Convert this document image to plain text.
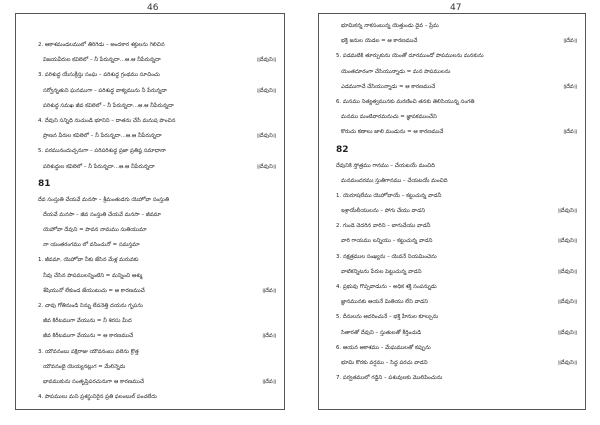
46
2. ఆకాశమండలములో తిరిగెడు – అందకార శక్తులను గెలిచిన
విజయవీరుల కవిలెలో – నీ పేరున్నదా…ఆ.ఆ నీపేరున్నదా	॥దేవుని॥
3. పరిశుద్ధ యేసుక్రీస్తు సంఘ – పరిశుద్ధ గ్రంథము సూచించు
సర్వోన్నతుని ఘనముగా – పరిశుద్ధ వాక్యమును నీ పేరున్నదా	॥దేవుని॥
పరిశుద్ధ సమఖ జీవ కవిలెలో – నీ పేరున్నదా…ఆ.ఆ నీపేరున్నదా
4. దేవుని సన్నిధి నుచుండి భూనిని – దాతను చేసే మనుష పొంచిన
ప్రాణన వీరుల కవిలెలో – నీ పేరున్నదా…ఆ.ఆ నీపేరున్నదా	॥దేవుని॥
5. పరమునందుచ్చనుగా – పరిపరిశుద్ధ ప్రజా ప్రతిష్ఠ సమాధానా
పరిశుద్ధుల కవిలెలో – నీ పేరున్నదా…ఆ.ఆ నీపేరున్నదా	॥దేవుని॥
81
దేవ సంస్తుతి చేయవే మనసా – శ్రీమంతుడగు యెహోవా సంస్తుతి
దేయవే మనసా – జీవ సంస్తుతి చేయవే మనసా – జీవమా
యెహోవా దేవుని = పావన నామము సుతియుమా
నా యంతరంగము లో వసించునో = సమస్తమా
1. జీవమా, యెహోవా నీకు జేసిన మేళ్ల మరువకు
నీవు చేసిన పాపములన్నింటిని = మన్నించి ఆశ్ము
శేషియునో లేకుండ జేయుటుచు = ఆ కారణముచే	॥దేవ॥
2. చావు గోతినుండి నిన్ను లేవనెత్తి దయను గృపను
జీవ కిరీటముగా వేయును = నీ శిరసు మీద
జీవ కిరీటముగా వేయును = ఆ కారణముచే	॥దేవ॥
3. యౌవనంబు పక్షిరాజు యౌవనంబు వలెను క్రొత్త
యౌవనంబై యెయ్యనట్లుగ = మేలిన్నెదు
భావముకును సంతృప్తిపరచునుగా ఆ కారణముచే	॥దేవ॥
4. పాపములు మని ప్రశస్థునిరైన ప్రతి ఫలంబుల్ పంచలేదు
47
భూమికన్న నాకసంబున్న యెత్తుండు దైవ – ప్రేమ
భక్తి జనుల యెడల = ఆ కారణముచే	॥దేవ॥
5. పడమటికి తూర్పుకును యెంతో దూరముందో పాపములను మనకును
యెంతదూరంగా చేసియున్నాడు = మన పాపములను
ఎడముగాచే చేసియున్నాడు = ఆ కారణముచే	॥దేవ॥
6. మనము నిత్యత్వమునకు మరణించి తనకు తెలిసియున్న సంగతి
మనము మంటివారమనుచు = జ్ఞాపకముంచేని
కొరుచు కణాలు జాలి మండును = ఆ కారణముచే	॥దేవ॥
82
దేవునికి స్తోత్రము గానము – చేయటయే మంచిది
మనమందరము స్తుతిగానము – చేయటయే మంచిది
1. యెరూషలేము యెహోవాయే – కట్టుచున్న వాడనీ
ఇశ్రాయేలీయులను – పోగు చేయు వాడని	॥దేవుని॥
2. గుండె చెదరిన వారిని – బాగుచేయు వాడనీ
వారి గాయము లన్నియు – కట్టుచున్న వాడని	॥దేవుని॥
3. నక్షత్రముల సంఖ్యను – యెవనే నియమించెను
వాటికన్నిటను పేరుల పెట్టుచున్న వాడని	॥దేవుని॥
4. ప్రభువు గొప్పవాడును – అధిక శక్తి సంపన్నుడు
జ్ఞానమునకు ఆయనే మితియు లేని వాడని	॥దేవుని॥
5. దీనులను ఆదరించునే – భక్తి హీనుల కూల్చును
సితారతో దేవుని – స్తుతులతో కీర్తించుడి	॥దేవుని॥
6. ఆయన ఆకాశము – మేఘములతో కప్పును
భూమి కొరకు వర్షము – సిద్ధ పరచు వాడని	॥దేవుని॥
7. పర్వతములో గడ్డిని – పశువులకు మొలిపించును
